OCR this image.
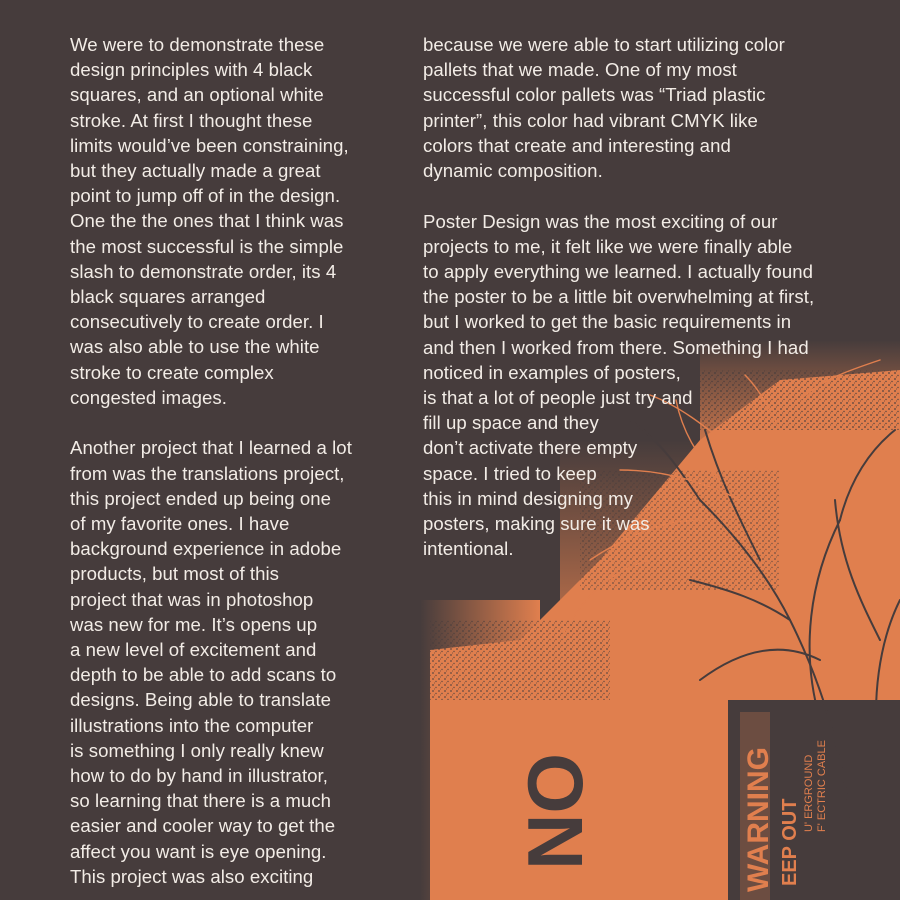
NO	WARNING EEP OUT
U' ERGROUND F' ECTRIC CABLE

We were to demonstrate these
design principles with 4 black
squares, and an optional white
stroke. At first I thought these
limits would’ve been constraining,
but they actually made a great
point to jump off of in the design.
One the the ones that I think was
the most successful is the simple
slash to demonstrate order, its 4
black squares arranged
consecutively to create order. I
was also able to use the white
stroke to create complex
congested images.

Another project that I learned a lot
from was the translations project,
this project ended up being one
of my favorite ones. I have
background experience in adobe
products, but most of this
project that was in photoshop
was new for me. It’s opens up
a new level of excitement and
depth to be able to add scans to
designs. Being able to translate
illustrations into the computer
is something I only really knew
how to do by hand in illustrator,
so learning that there is a much
easier and cooler way to get the
affect you want is eye opening.
This project was also exciting

because we were able to start utilizing color
pallets that we made. One of my most
successful color pallets was “Triad plastic
printer”, this color had vibrant CMYK like
colors that create and interesting and
dynamic composition.

Poster Design was the most exciting of our
projects to me, it felt like we were finally able
to apply everything we learned. I actually found
the poster to be a little bit overwhelming at first,
but I worked to get the basic requirements in
and then I worked from there. Something I had
noticed in examples of posters,
is that a lot of people just try and
fill up space and they
don’t activate there empty
space. I tried to keep
this in mind designing my
posters, making sure it was
intentional.
